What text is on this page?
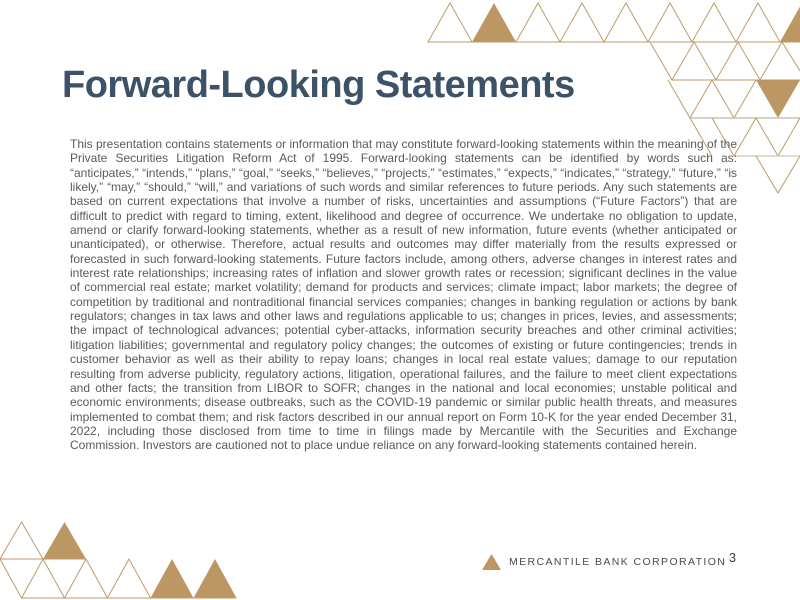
Forward-Looking Statements

This presentation contains statements or information that may constitute forward-looking statements within the meaning of the Private Securities Litigation Reform Act of 1995. Forward-looking statements can be identified by words such as: “anticipates,” “intends,” “plans,” “goal,” “seeks,” “believes,” “projects,” “estimates,” “expects,” “indicates,” “strategy,” “future,” “is likely,” “may,” “should,” “will,” and variations of such words and similar references to future periods. Any such statements are based on current expectations that involve a number of risks, uncertainties and assumptions (“Future Factors”) that are difficult to predict with regard to timing, extent, likelihood and degree of occurrence. We undertake no obligation to update, amend or clarify forward-looking statements, whether as a result of new information, future events (whether anticipated or unanticipated), or otherwise. Therefore, actual results and outcomes may differ materially from the results expressed or forecasted in such forward-looking statements. Future factors include, among others, adverse changes in interest rates and interest rate relationships; increasing rates of inflation and slower growth rates or recession; significant declines in the value of commercial real estate; market volatility; demand for products and services; climate impact; labor markets; the degree of competition by traditional and nontraditional financial services companies; changes in banking regulation or actions by bank regulators; changes in tax laws and other laws and regulations applicable to us; changes in prices, levies, and assessments; the impact of technological advances; potential cyber-attacks, information security breaches and other criminal activities; litigation liabilities; governmental and regulatory policy changes; the outcomes of existing or future contingencies; trends in customer behavior as well as their ability to repay loans; changes in local real estate values; damage to our reputation resulting from adverse publicity, regulatory actions, litigation, operational failures, and the failure to meet client expectations and other facts; the transition from LIBOR to SOFR; changes in the national and local economies; unstable political and economic environments; disease outbreaks, such as the COVID-19 pandemic or similar public health threats, and measures implemented to combat them; and risk factors described in our annual report on Form 10-K for the year ended December 31, 2022, including those disclosed from time to time in filings made by Mercantile with the Securities and Exchange Commission. Investors are cautioned not to place undue reliance on any forward-looking statements contained herein.

MERCANTILE BANK CORPORATION 3
